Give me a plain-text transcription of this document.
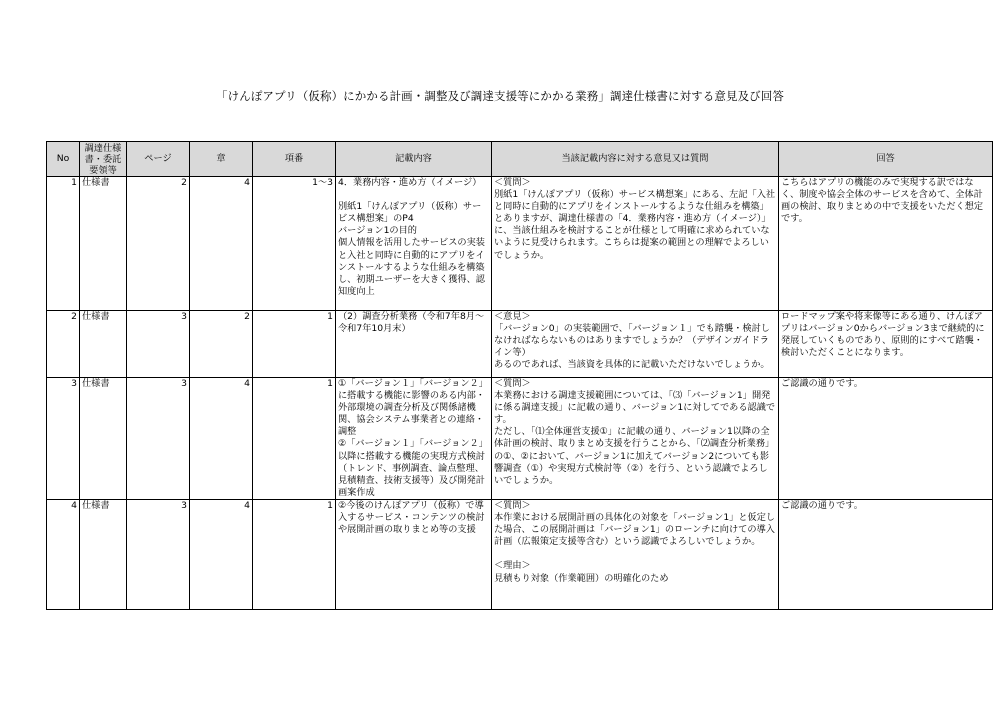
「けんぽアプリ（仮称）にかかる計画・調整及び調達支援等にかかる業務」調達仕様書に対する意見及び回答
No	調達仕様書・委託要領等	ページ	章	項番	記載内容	当該記載内容に対する意見又は質問	回答
1	仕様書	2	4	1〜3	4．業務内容・進め方（イメージ）

別紙1「けんぽアプリ（仮称）サービス構想案」のP4
バージョン1の目的
個人情報を活用したサービスの実装と入社と同時に自動的にアプリをインストールするような仕組みを構築し、初期ユーザーを大きく獲得、認知度向上	＜質問＞
別紙1「けんぽアプリ（仮称）サービス構想案」にある、左記「入社と同時に自動的にアプリをインストールするような仕組みを構築」とありますが、調達仕様書の「4．業務内容・進め方（イメージ）」に、当該仕組みを検討することが仕様として明確に求められていないように見受けられます。こちらは提案の範囲との理解でよろしいでしょうか。	こちらはアプリの機能のみで実現する訳ではなく、制度や協会全体のサービスを含めて、全体計画の検討、取りまとめの中で支援をいただく想定です。
2	仕様書	3	2	1	（2）調査分析業務（令和7年8月〜令和7年10月末）	＜意見＞
「バージョン0」の実装範囲で、「バージョン１」でも踏襲・検討しなければならないものはありますでしょうか？（デザインガイドライン等）
あるのであれば、当該資を具体的に記載いただけないでしょうか。	ロードマップ案や将来像等にある通り、けんぽアプリはバージョン0からバージョン3まで継続的に発展していくものであり、原則的にすべて踏襲・検討いただくことになります。
3	仕様書	3	4	1	①「バージョン１」「バージョン２」に搭載する機能に影響のある内部・外部環境の調査分析及び関係諸機関、協会システム事業者との連絡・調整
②「バージョン１」「バージョン２」以降に搭載する機能の実現方式検討（トレンド、事例調査、論点整理、見積精査、技術支援等）及び開発計画案作成	＜質問＞
本業務における調達支援範囲については、「⑶「バージョン1」開発に係る調達支援」に記載の通り、バージョン1に対してである認識です。
ただし、「⑴全体運営支援①」に記載の通り、バージョン1以降の全体計画の検討、取りまとめ支援を行うことから、「⑵調査分析業務」の①、②において、バージョン1に加えてバージョン2についても影響調査（①）や実現方式検討等（②）を行う、という認識でよろしいでしょうか。	ご認識の通りです。
4	仕様書	3	4	1	②今後のけんぽアプリ（仮称）で導入するサービス・コンテンツの検討や展開計画の取りまとめ等の支援	＜質問＞
本作業における展開計画の具体化の対象を「バージョン1」と仮定した場合、この展開計画は「バージョン1」のローンチに向けての導入計画（広報策定支援等含む）という認識でよろしいでしょうか。

＜理由＞
見積もり対象（作業範囲）の明確化のため	ご認識の通りです。
